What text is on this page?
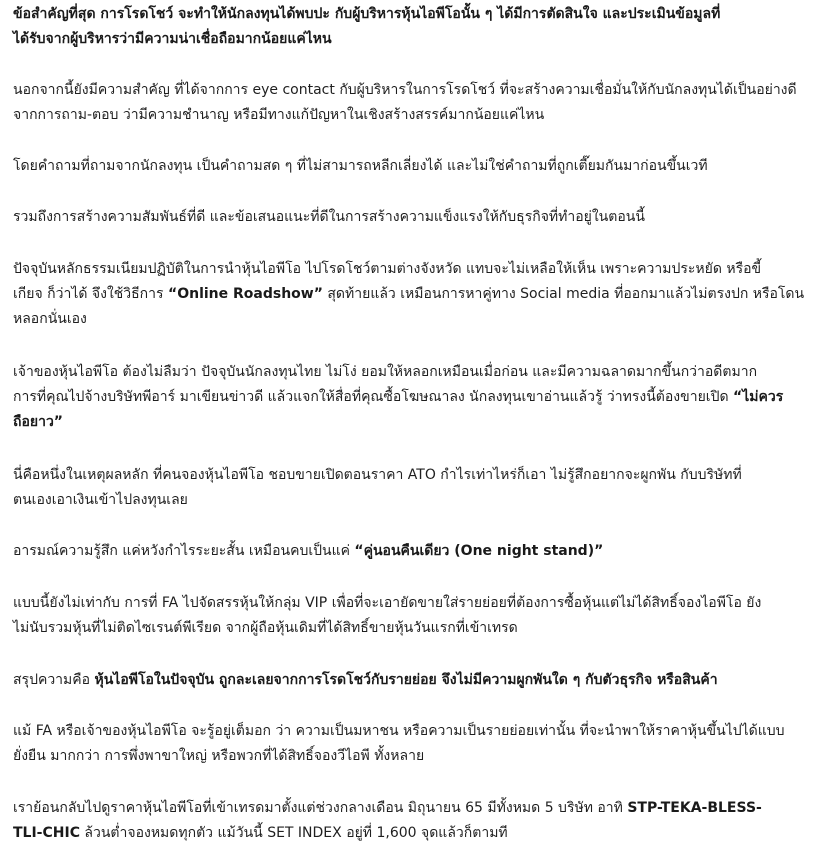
ข้อสำคัญที่สุด การโรดโชว์ จะทำให้นักลงทุนได้พบปะ กับผู้บริหารหุ้นไอพีโอนั้น ๆ ได้มีการตัดสินใจ และประเมินข้อมูลที่
ได้รับจากผู้บริหารว่ามีความน่าเชื่อถือมากน้อยแค่ไหน
นอกจากนี้ยังมีความสำคัญ ที่ได้จากการ eye contact กับผู้บริหารในการโรดโชว์ ที่จะสร้างความเชื่อมั่นให้กับนักลงทุนได้เป็นอย่างดี
จากการถาม-ตอบ ว่ามีความชำนาญ หรือมีทางแก้ปัญหาในเชิงสร้างสรรค์มากน้อยแค่ไหน
โดยคำถามที่ถามจากนักลงทุน เป็นคำถามสด ๆ ที่ไม่สามารถหลีกเลี่ยงได้ และไม่ใช่คำถามที่ถูกเตี๊ยมกันมาก่อนขึ้นเวที
รวมถึงการสร้างความสัมพันธ์ที่ดี และข้อเสนอแนะที่ดีในการสร้างความแข็งแรงให้กับธุรกิจที่ทำอยู่ในตอนนี้
ปัจจุบันหลักธรรมเนียมปฏิบัติในการนำหุ้นไอพีโอ ไปโรดโชว์ตามต่างจังหวัด แทบจะไม่เหลือให้เห็น เพราะความประหยัด หรือขี้
เกียจ ก็ว่าได้ จึงใช้วิธีการ “Online Roadshow” สุดท้ายแล้ว เหมือนการหาคู่ทาง Social media ที่ออกมาแล้วไม่ตรงปก หรือโดน
หลอกนั่นเอง
เจ้าของหุ้นไอพีโอ ต้องไม่ลืมว่า ปัจจุบันนักลงทุนไทย ไม่โง่ ยอมให้หลอกเหมือนเมื่อก่อน และมีความฉลาดมากขึ้นกว่าอดีตมาก
การที่คุณไปจ้างบริษัทพีอาร์ มาเขียนข่าวดี แล้วแจกให้สื่อที่คุณซื้อโฆษณาลง นักลงทุนเขาอ่านแล้วรู้ ว่าทรงนี้ต้องขายเปิด “ไม่ควร
ถือยาว”
นี่คือหนึ่งในเหตุผลหลัก ที่คนจองหุ้นไอพีโอ ชอบขายเปิดตอนราคา ATO กำไรเท่าไหร่ก็เอา ไม่รู้สึกอยากจะผูกพัน กับบริษัทที่
ตนเองเอาเงินเข้าไปลงทุนเลย
อารมณ์ความรู้สึก แค่หวังกำไรระยะสั้น เหมือนคบเป็นแค่ “คู่นอนคืนเดียว (One night stand)”
แบบนี้ยังไม่เท่ากับ การที่ FA ไปจัดสรรหุ้นให้กลุ่ม VIP เพื่อที่จะเอายัดขายใส่รายย่อยที่ต้องการซื้อหุ้นแต่ไม่ได้สิทธิ์จองไอพีโอ ยัง
ไม่นับรวมหุ้นที่ไม่ติดไซเรนต์พีเรียด จากผู้ถือหุ้นเดิมที่ได้สิทธิ์ขายหุ้นวันแรกที่เข้าเทรด
สรุปความคือ หุ้นไอพีโอในปัจจุบัน ถูกละเลยจากการโรดโชว์กับรายย่อย จึงไม่มีความผูกพันใด ๆ กับตัวธุรกิจ หรือสินค้า
แม้ FA หรือเจ้าของหุ้นไอพีโอ จะรู้อยู่เต็มอก ว่า ความเป็นมหาชน หรือความเป็นรายย่อยเท่านั้น ที่จะนำพาให้ราคาหุ้นขึ้นไปได้แบบ
ยั่งยืน มากกว่า การพึ่งพาขาใหญ่ หรือพวกที่ได้สิทธิ์จองวีไอพี ทั้งหลาย
เราย้อนกลับไปดูราคาหุ้นไอพีโอที่เข้าเทรดมาตั้งแต่ช่วงกลางเดือน มิถุนายน 65 มีทั้งหมด 5 บริษัท อาทิ STP-TEKA-BLESS-
TLI-CHIC ล้วนต่ำจองหมดทุกตัว แม้วันนี้ SET INDEX อยู่ที่ 1,600 จุดแล้วก็ตามที
